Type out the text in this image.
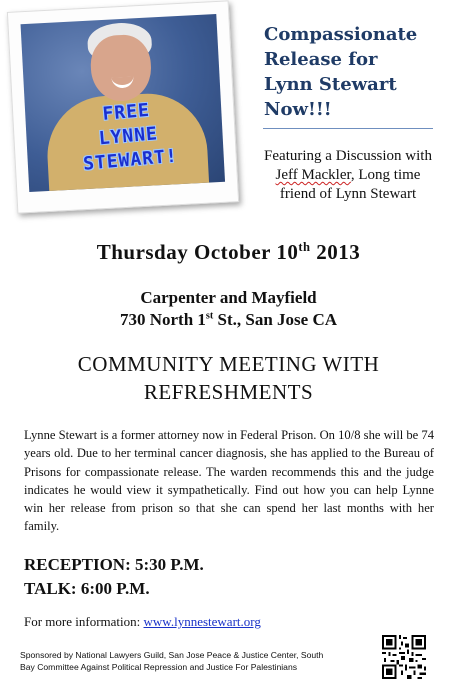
FREE
LYNNE
STEWART!
Compassionate
Release for
Lynn Stewart
Now!!!
Featuring a Discussion with Jeff Mackler, Long time friend of Lynn Stewart
Thursday October 10th 2013
Carpenter and Mayfield
730 North 1st St., San Jose CA
COMMUNITY MEETING WITH
REFRESHMENTS
Lynne Stewart is a former attorney now in Federal Prison. On 10/8 she will be 74 years old. Due to her terminal cancer diagnosis, she has applied to the Bureau of Prisons for compassionate release. The warden recommends this and the judge indicates he would view it sympathetically. Find out how you can help Lynne win her release from prison so that she can spend her last months with her family.
RECEPTION: 5:30 P.M.
TALK: 6:00 P.M.
For more information: www.lynnestewart.org
Sponsored by National Lawyers Guild, San Jose Peace & Justice Center, South
Bay Committee Against Political Repression and Justice For Palestinians
